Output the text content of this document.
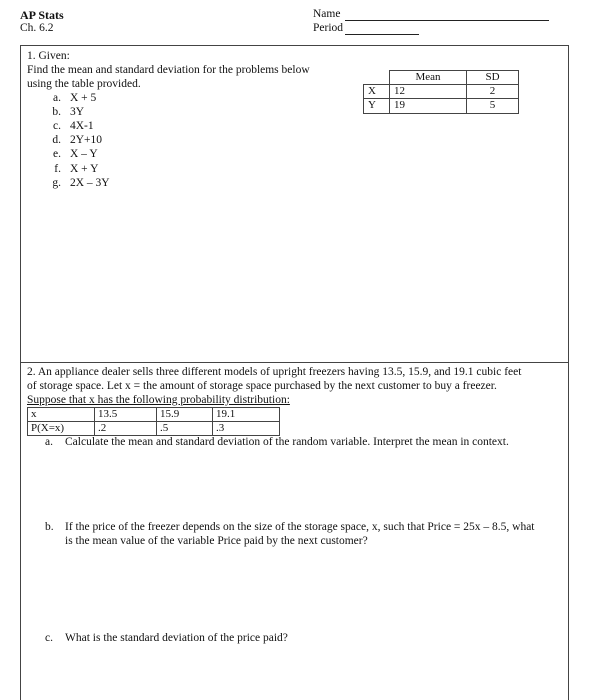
AP Stats
Ch. 6.2
Name
Period

1. Given:

Find the mean and standard deviation for the problems below

using the table provided.

a. X + 5
b. 3Y
c. 4X-1
d. 2Y+10
e. X – Y
f. X + Y
g. 2X – 3Y
	Mean	SD
X	12	2
Y	19	5

2. An appliance dealer sells three different models of upright freezers having 13.5, 15.9, and 19.1 cubic feet

of storage space. Let x = the amount of storage space purchased by the next customer to buy a freezer.

Suppose that x has the following probability distribution:

x	13.5	15.9	19.1
P(X=x)	.2	.5	.3
a.	Calculate the mean and standard deviation of the random variable. Interpret the mean in context.
b. If the price of the freezer depends on the size of the storage space, x, such that Price = 25x – 8.5, what
is the mean value of the variable Price paid by the next customer?
c.	What is the standard deviation of the price paid?
